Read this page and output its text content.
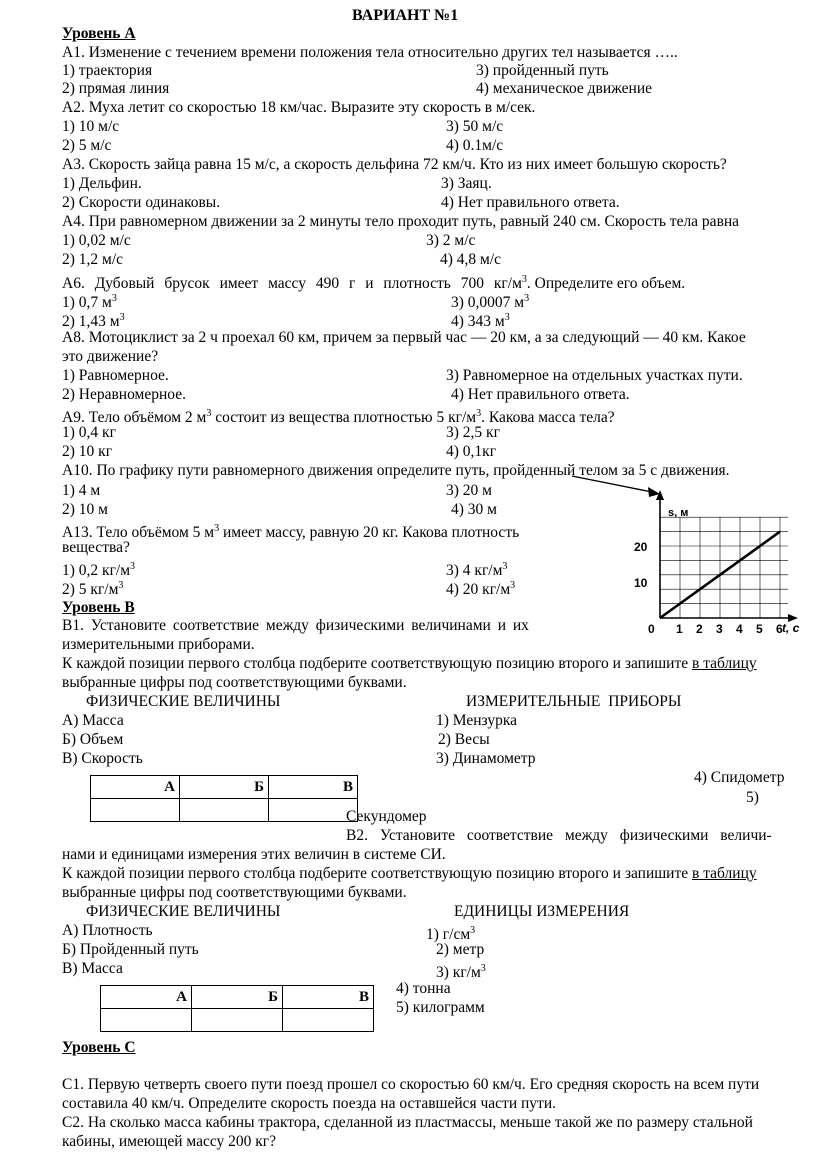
ВАРИАНТ №1
Уровень А
А1. Изменение с течением времени положения тела относительно других тел называется …..
1) траектория	3) пройденный путь
2) прямая линия	4) механическое движение
А2. Муха летит со скоростью 18 км/час. Выразите эту скорость в м/сек.
1) 10 м/с	3) 50 м/с
2) 5 м/с	4) 0.1м/с
А3. Скорость зайца равна 15 м/с, а скорость дельфина 72 км/ч. Кто из них имеет большую скорость?
1) Дельфин.	3) Заяц.
2) Скорости одинаковы.	4) Нет правильного ответа.
А4. При равномерном движении за 2 минуты тело проходит путь, равный 240 см. Скорость тела равна
1) 0,02 м/с	3) 2 м/с
2) 1,2 м/с	4) 4,8 м/с
А6. Дубовый брусок имеет массу 490 г и плотность 700 $кг/м^3$. Определите его объем.
1) 0,7 $м^3$	3) 0,0007 $м^3$
2) 1,43 $м^3$	4) 343 $м^3$
А8. Мотоциклист за 2 ч проехал 60 км, причем за первый час — 20 км, а за следующий — 40 км. Какое
это движение?
1) Равномерное.	3) Равномерное на отдельных участках пути.
2) Неравномерное.	4) Нет правильного ответа.
А9. Тело объёмом 2 $м^3$ состоит из вещества плотностью 5 $кг/м^3$. Какова масса тела?
1) 0,4 кг	3) 2,5 кг
2) 10 кг	4) 0,1кг
А10. По графику пути равномерного движения определите путь, пройденный телом за 5 с движения.
1) 4 м	3) 20 м
2) 10 м	4) 30 м
А13. Тело объёмом 5 $м^3$ имеет массу, равную 20 кг. Какова плотность
вещества?
1) 0,2 $кг/м^3$	3) 4 $кг/м^3$
2) 5 $кг/м^3$	4) 20 $кг/м^3$
s, м
t, с
20
10
0 1 2 3 4 5 6
Уровень В
В1. Установите соответствие между физическими величинами и их
измерительными приборами.
К каждой позиции первого столбца подберите соответствующую позицию второго и запишите в таблицу
выбранные цифры под соответствующими буквами.
ФИЗИЧЕСКИЕ ВЕЛИЧИНЫ	ИЗМЕРИТЕЛЬНЫЕ ПРИБОРЫ
А) Масса
Б) Объем
В) Скорость
1) Мензурка
2) Весы
3) Динамометр
4) Спидометр
5)
Секундомер
А	Б	В

В2. Установите соответствие между физическими величи-
нами и единицами измерения этих величин в системе СИ.
К каждой позиции первого столбца подберите соответствующую позицию второго и запишите в таблицу
выбранные цифры под соответствующими буквами.
ФИЗИЧЕСКИЕ ВЕЛИЧИНЫ	ЕДИНИЦЫ ИЗМЕРЕНИЯ
А) Плотность
Б) Пройденный путь
В) Масса
1) $г/см^3$
2) метр
3) $кг/м^3$
4) тонна
5) килограмм
А	Б	В

Уровень С
С1. Первую четверть своего пути поезд прошел со скоростью 60 км/ч. Его средняя скорость на всем пути
составила 40 км/ч. Определите скорость поезда на оставшейся части пути.
С2. На сколько масса кабины трактора, сделанной из пластмассы, меньше такой же по размеру стальной
кабины, имеющей массу 200 кг?
